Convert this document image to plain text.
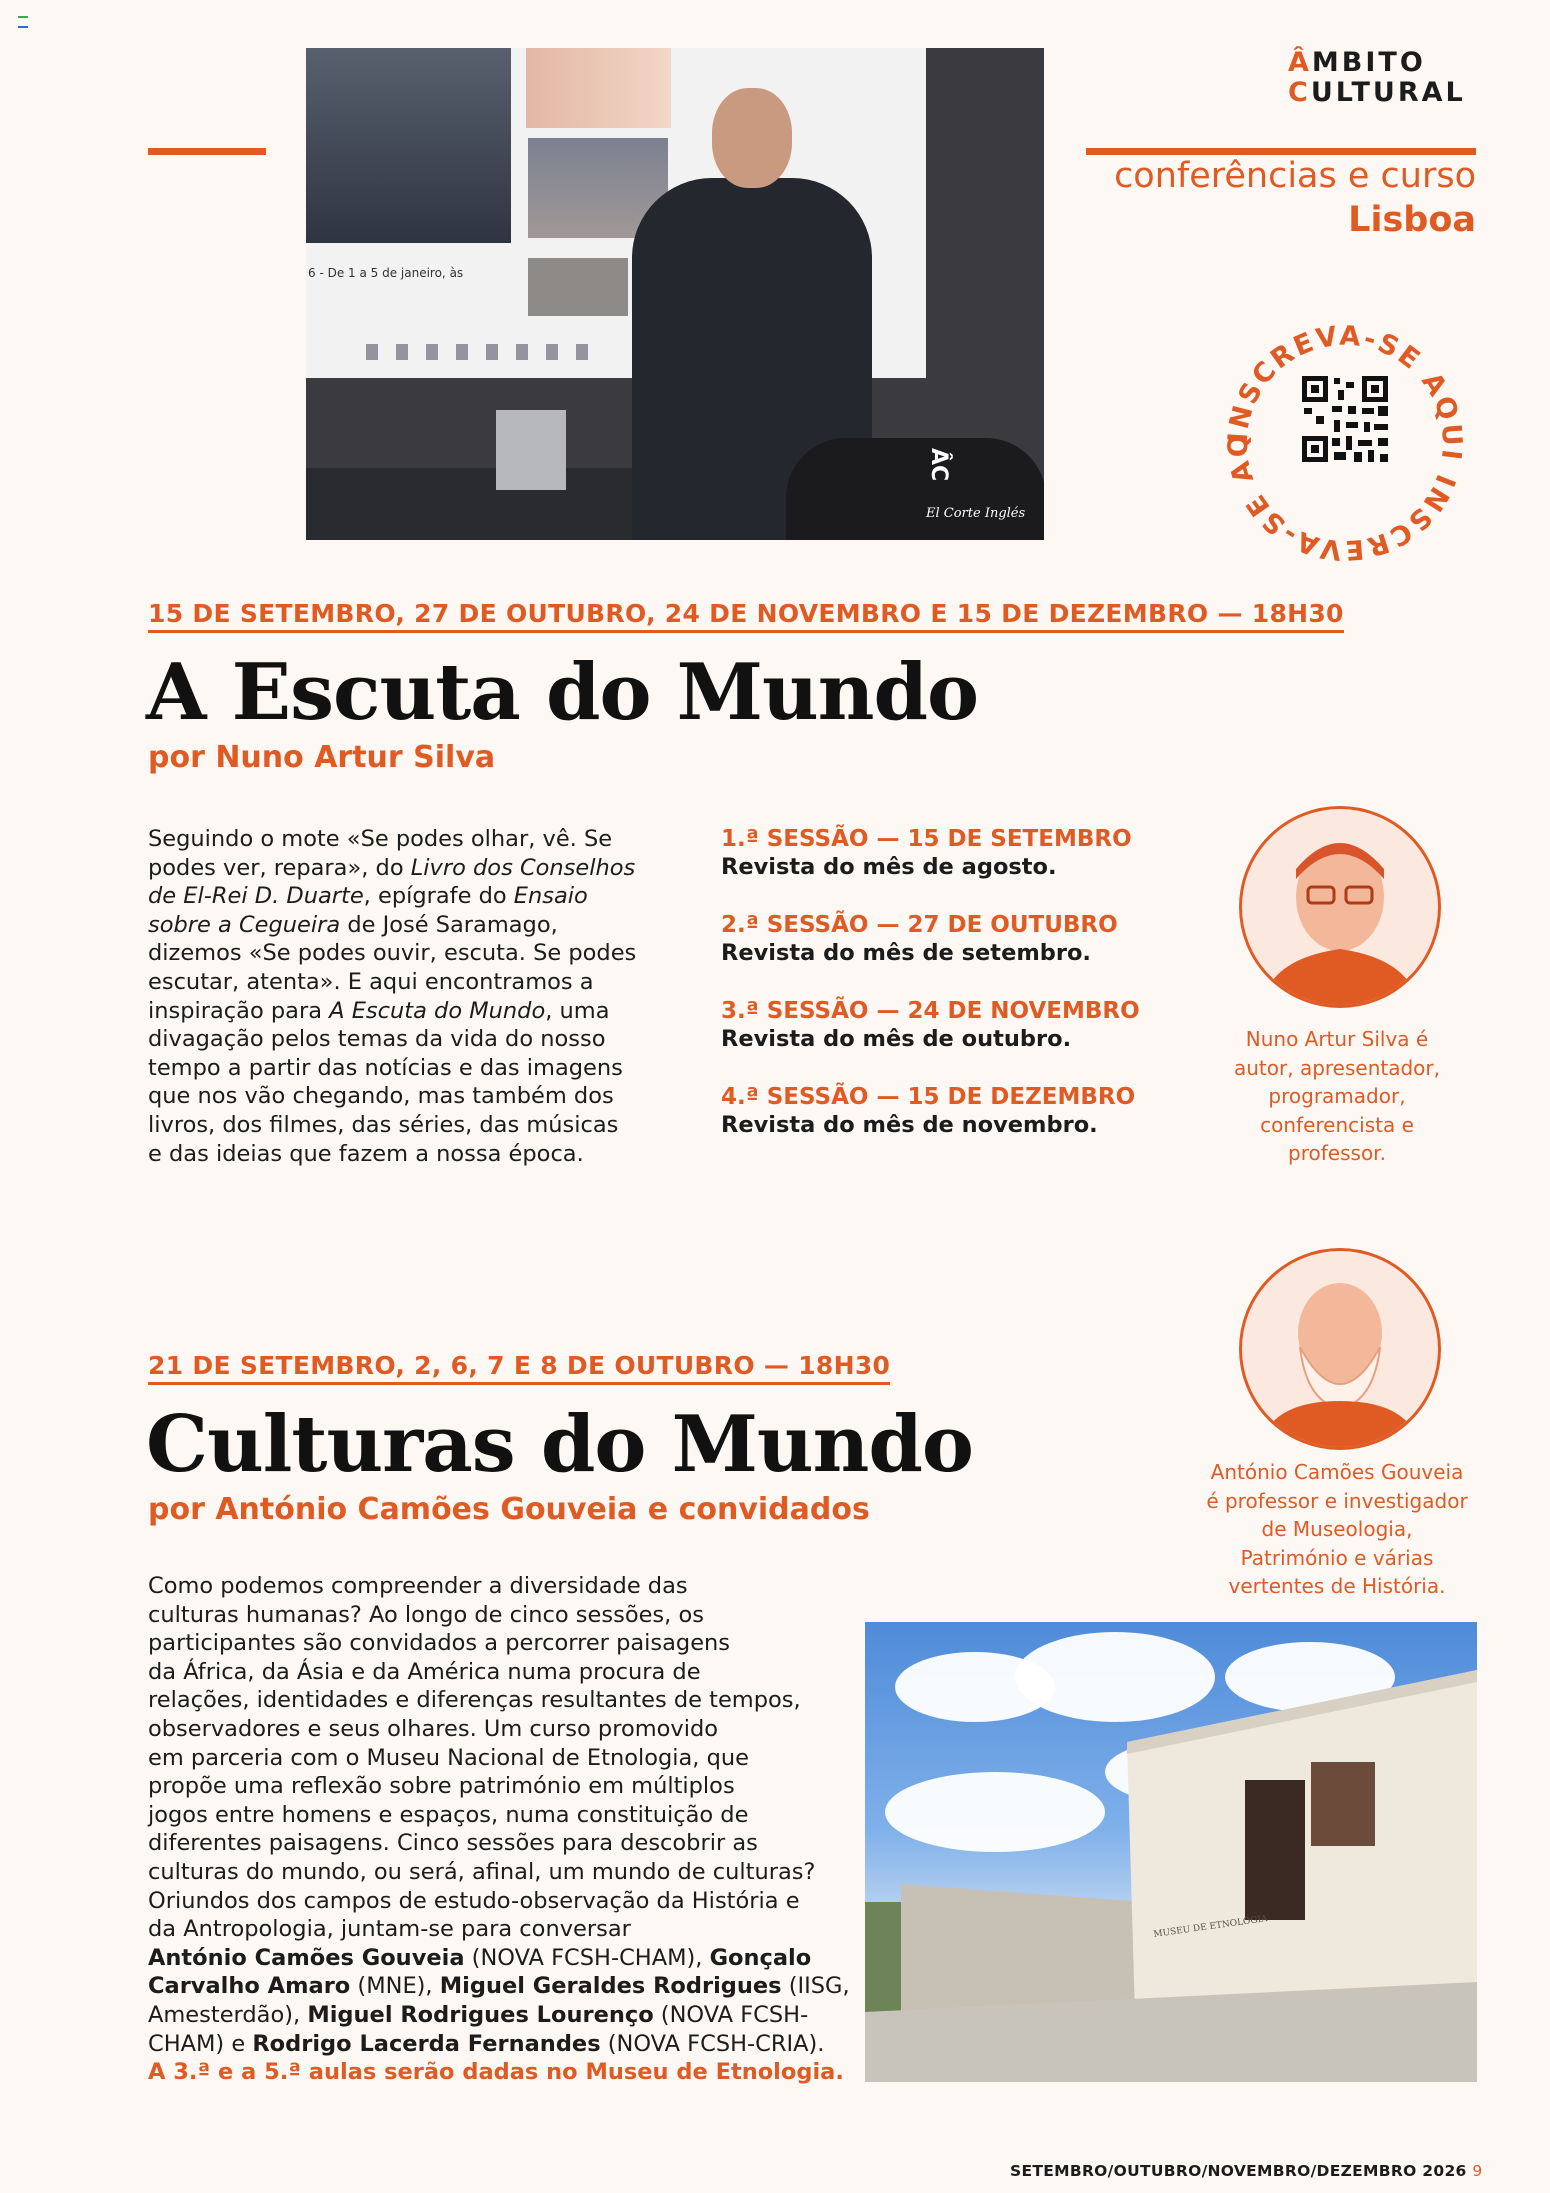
6 - De 1 a 5 de janeiro, às
ÂC
El Corte Inglés
ÂMBITO
CULTURAL
conferências e curso
Lisboa
INSCREVA-SE AQUI INSCREVA-SE AQ
15 DE SETEMBRO, 27 DE OUTUBRO, 24 DE NOVEMBRO E 15 DE DEZEMBRO — 18H30
A Escuta do Mundo
por Nuno Artur Silva
Seguindo o mote «Se podes olhar, vê. Se
podes ver, repara», do Livro dos Conselhos
de El-Rei D. Duarte, epígrafe do Ensaio
sobre a Cegueira de José Saramago,
dizemos «Se podes ouvir, escuta. Se podes
escutar, atenta». E aqui encontramos a
inspiração para A Escuta do Mundo, uma
divagação pelos temas da vida do nosso
tempo a partir das notícias e das imagens
que nos vão chegando, mas também dos
livros, dos filmes, das séries, das músicas
e das ideias que fazem a nossa época.
1.ª SESSÃO — 15 DE SETEMBRO
Revista do mês de agosto.
2.ª SESSÃO — 27 DE OUTUBRO
Revista do mês de setembro.
3.ª SESSÃO — 24 DE NOVEMBRO
Revista do mês de outubro.
4.ª SESSÃO — 15 DE DEZEMBRO
Revista do mês de novembro.
Nuno Artur Silva é
autor, apresentador,
programador,
conferencista e
professor.
António Camões Gouveia
é professor e investigador
de Museologia,
Património e várias
vertentes de História.
21 DE SETEMBRO, 2, 6, 7 E 8 DE OUTUBRO — 18H30
Culturas do Mundo
por António Camões Gouveia e convidados
Como podemos compreender a diversidade das
culturas humanas? Ao longo de cinco sessões, os
participantes são convidados a percorrer paisagens
da África, da Ásia e da América numa procura de
relações, identidades e diferenças resultantes de tempos,
observadores e seus olhares. Um curso promovido
em parceria com o Museu Nacional de Etnologia, que
propõe uma reflexão sobre património em múltiplos
jogos entre homens e espaços, numa constituição de
diferentes paisagens. Cinco sessões para descobrir as
culturas do mundo, ou será, afinal, um mundo de culturas?
Oriundos dos campos de estudo-observação da História e
da Antropologia, juntam-se para conversar
António Camões Gouveia (NOVA FCSH-CHAM), Gonçalo
Carvalho Amaro (MNE), Miguel Geraldes Rodrigues (IISG,
Amesterdão), Miguel Rodrigues Lourenço (NOVA FCSH-
CHAM) e Rodrigo Lacerda Fernandes (NOVA FCSH-CRIA).
A 3.ª e a 5.ª aulas serão dadas no Museu de Etnologia.
MUSEU DE ETNOLOGIA
SETEMBRO/OUTUBRO/NOVEMBRO/DEZEMBRO 2026 9
